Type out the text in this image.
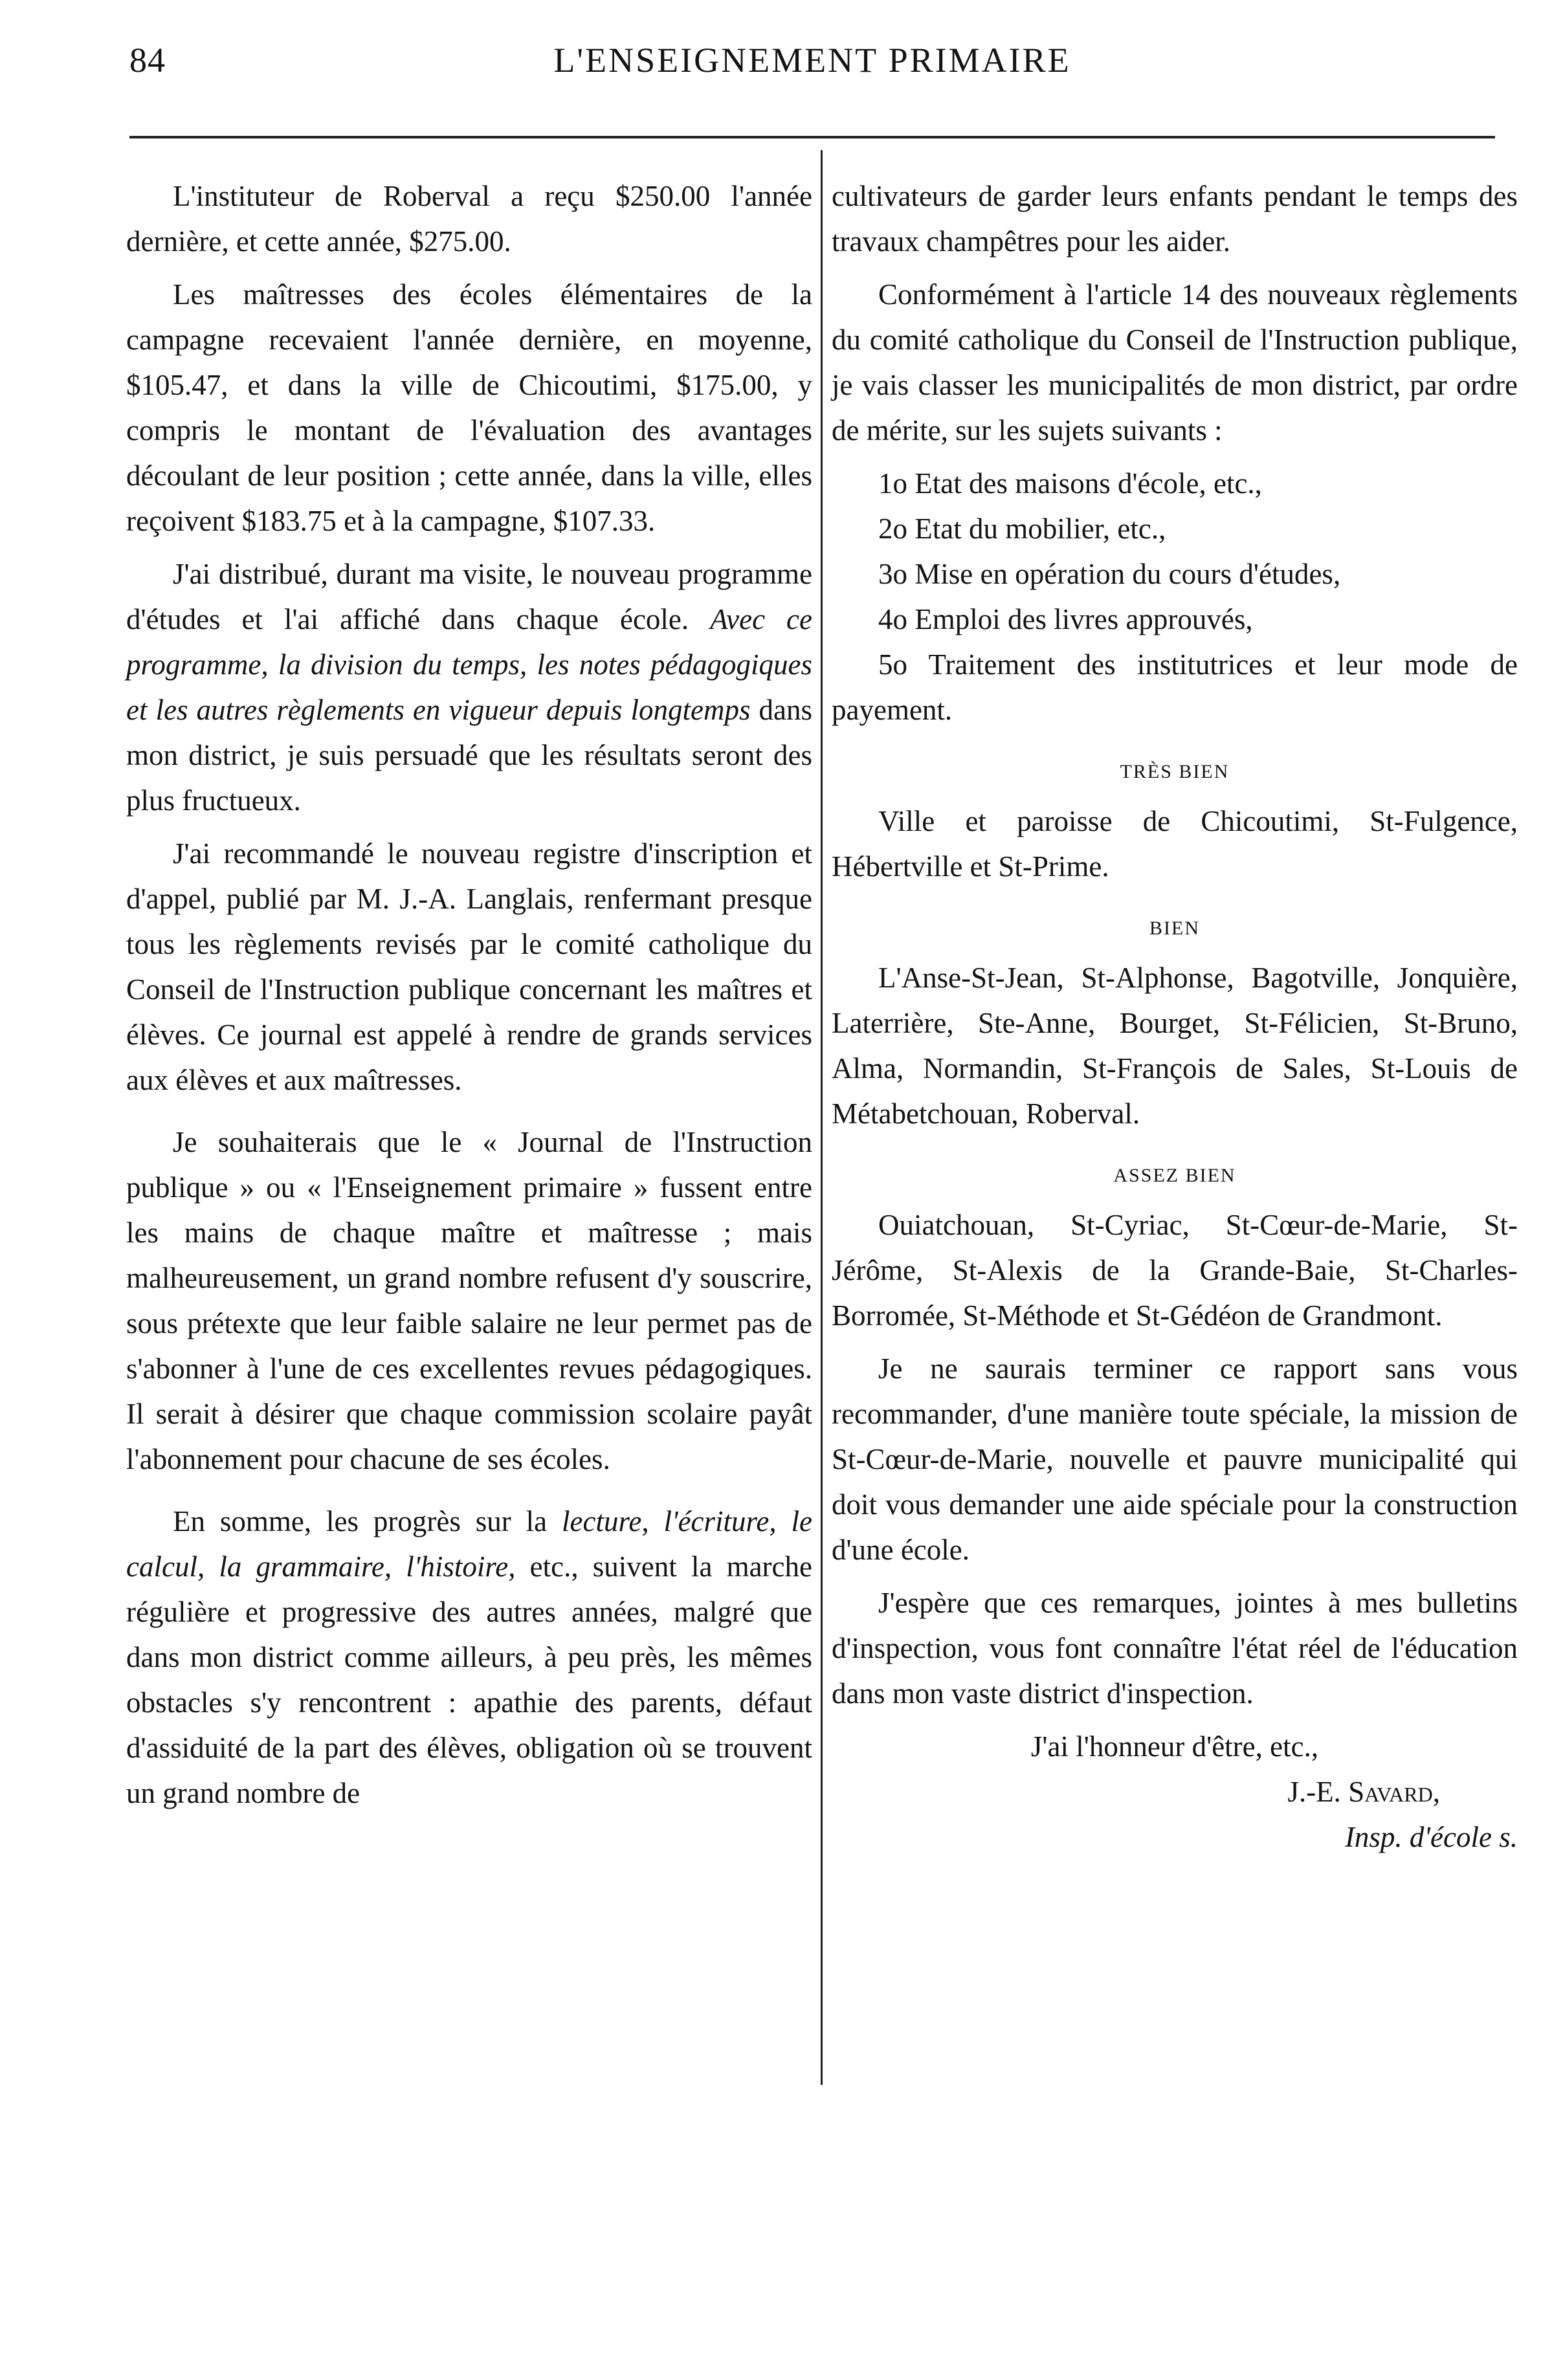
84	L'ENSEIGNEMENT PRIMAIRE

L'instituteur de Roberval a reçu $250.00 l'année dernière, et cette année, $275.00.

Les maîtresses des écoles élémentaires de la campagne recevaient l'année dernière, en moyenne, $105.47, et dans la ville de Chicoutimi, $175.00, y compris le montant de l'évaluation des avantages découlant de leur position ; cette année, dans la ville, elles reçoivent $183.75 et à la campagne, $107.33.

J'ai distribué, durant ma visite, le nouveau programme d'études et l'ai affiché dans chaque école. Avec ce programme, la division du temps, les notes pédagogiques et les autres règlements en vigueur depuis longtemps dans mon district, je suis persuadé que les résultats seront des plus fructueux.

J'ai recommandé le nouveau registre d'inscription et d'appel, publié par M. J.-A. Langlais, renfermant presque tous les règlements revisés par le comité catholique du Conseil de l'Instruction publique concernant les maîtres et élèves. Ce journal est appelé à rendre de grands services aux élèves et aux maîtresses.

Je souhaiterais que le « Journal de l'Instruction publique » ou « l'Enseignement primaire » fussent entre les mains de chaque maître et maîtresse ; mais malheureusement, un grand nombre refusent d'y souscrire, sous prétexte que leur faible salaire ne leur permet pas de s'abonner à l'une de ces excellentes revues pédagogiques. Il serait à désirer que chaque commission scolaire payât l'abonnement pour chacune de ses écoles.

En somme, les progrès sur la lecture, l'écriture, le calcul, la grammaire, l'histoire, etc., suivent la marche régulière et progressive des autres années, malgré que dans mon district comme ailleurs, à peu près, les mêmes obstacles s'y rencontrent : apathie des parents, défaut d'assiduité de la part des élèves, obligation où se trouvent un grand nombre de

cultivateurs de garder leurs enfants pendant le temps des travaux champêtres pour les aider.

Conformément à l'article 14 des nouveaux règlements du comité catholique du Conseil de l'Instruction publique, je vais classer les municipalités de mon district, par ordre de mérite, sur les sujets suivants :

1o Etat des maisons d'école, etc.,

2o Etat du mobilier, etc.,

3o Mise en opération du cours d'études,

4o Emploi des livres approuvés,

5o Traitement des institutrices et leur mode de payement.

TRÈS BIEN

Ville et paroisse de Chicoutimi, St-Fulgence, Hébertville et St-Prime.

BIEN

L'Anse-St-Jean, St-Alphonse, Bagotville, Jonquière, Laterrière, Ste-Anne, Bourget, St-Félicien, St-Bruno, Alma, Normandin, St-François de Sales, St-Louis de Métabetchouan, Roberval.

ASSEZ BIEN

Ouiatchouan, St-Cyriac, St-Cœur-de-Marie, St-Jérôme, St-Alexis de la Grande-Baie, St-Charles-Borromée, St-Méthode et St-Gédéon de Grandmont.

Je ne saurais terminer ce rapport sans vous recommander, d'une manière toute spéciale, la mission de St-Cœur-de-Marie, nouvelle et pauvre municipalité qui doit vous demander une aide spéciale pour la construction d'une école.

J'espère que ces remarques, jointes à mes bulletins d'inspection, vous font connaître l'état réel de l'éducation dans mon vaste district d'inspection.

J'ai l'honneur d'être, etc.,

J.-E. Savard,

Insp. d'école s.
